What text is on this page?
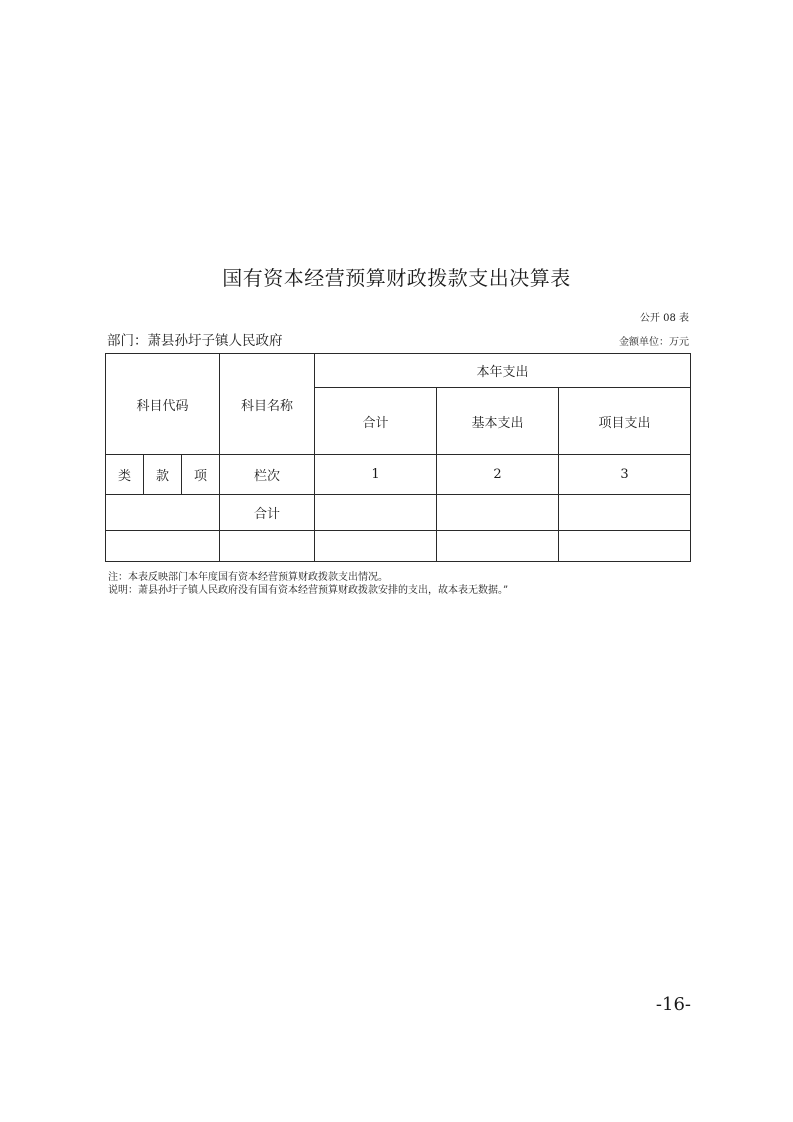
国有资本经营预算财政拨款支出决算表
公开 08 表
部门：萧县孙圩子镇人民政府	金额单位：万元
科目代码			科目名称	本年支出		
				合计	基本支出	项目支出
类	款	项	栏次	1	2	3
			合计			

注：本表反映部门本年度国有资本经营预算财政拨款支出情况。
说明：萧县孙圩子镇人民政府没有国有资本经营预算财政拨款安排的支出，故本表无数据。”
-16-
